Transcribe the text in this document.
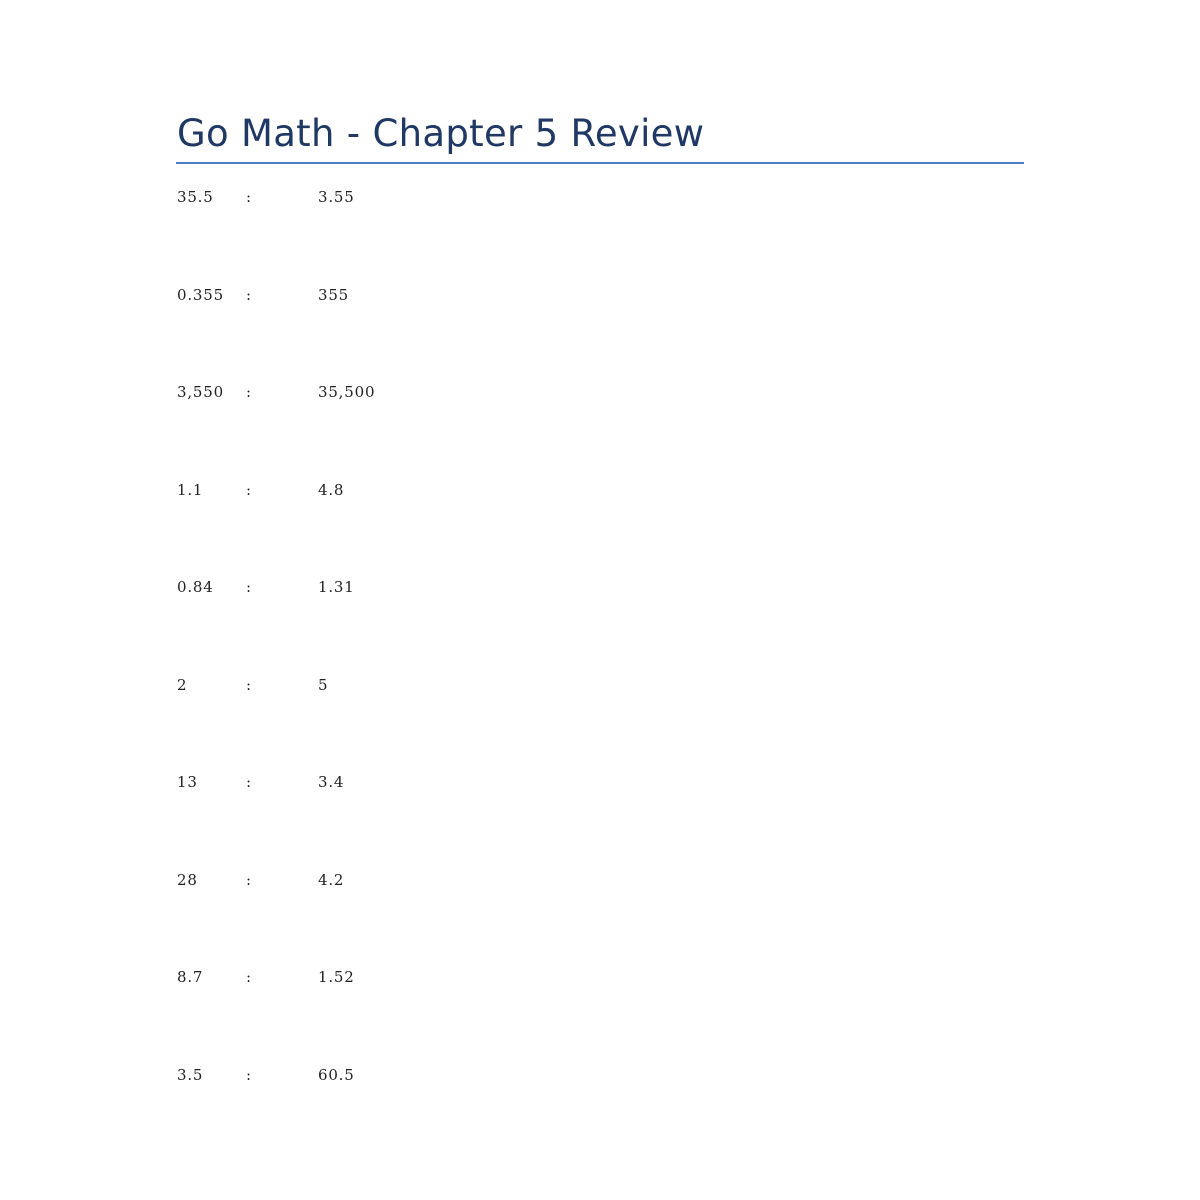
Go Math - Chapter 5 Review
35.5 :	3.55
0.355 :	355
3,550 :	35,500
1.1	:	4.8
0.84 :	1.31
2	:	5
13	:	3.4
28	:	4.2
8.7	:	1.52
3.5	:	60.5
